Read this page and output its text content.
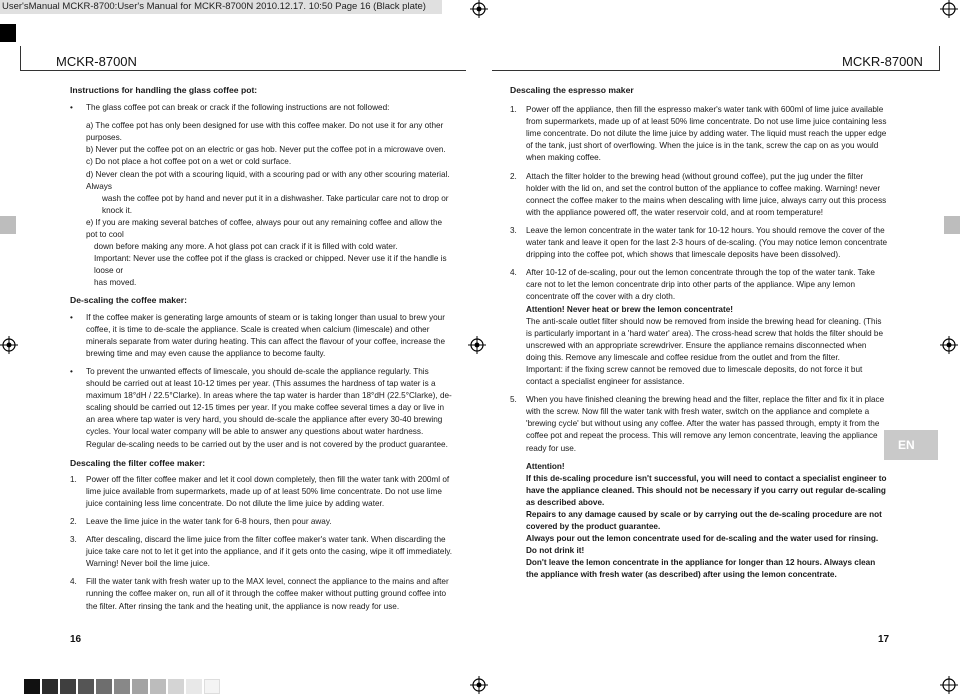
User'sManual MCKR-8700:User's Manual for MCKR-8700N 2010.12.17. 10:50 Page 16 (Black plate)
MCKR-8700N	MCKR-8700N

Instructions for handling the glass coffee pot:

• The glass coffee pot can break or crack if the following instructions are not followed:

a) The coffee pot has only been designed for use with this coffee maker. Do not use it for any other purposes.

b) Never put the coffee pot on an electric or gas hob. Never put the coffee pot in a microwave oven.

c) Do not place a hot coffee pot on a wet or cold surface.

d) Never clean the pot with a scouring liquid, with a scouring pad or with any other scouring material. Always

wash the coffee pot by hand and never put it in a dishwasher. Take particular care not to drop or knock it.

e) If you are making several batches of coffee, always pour out any remaining coffee and allow the pot to cool

down before making any more. A hot glass pot can crack if it is filled with cold water.

Important: Never use the coffee pot if the glass is cracked or chipped. Never use it if the handle is loose or

has moved.

De-scaling the coffee maker:

• If the coffee maker is generating large amounts of steam or is taking longer than usual to brew your coffee, it is time to de-scale the appliance. Scale is created when calcium (limescale) and other minerals separate from water during heating. This can affect the flavour of your coffee, increase the brewing time and may even cause the appliance to become faulty.

• To prevent the unwanted effects of limescale, you should de-scale the appliance regularly. This should be carried out at least 10-12 times per year. (This assumes the hardness of tap water is a maximum 18°dH / 22.5°Clarke). In areas where the tap water is harder than 18°dH (22.5°Clarke), de-scaling should be carried out 12-15 times per year. If you make coffee several times a day or live in an area where tap water is very hard, you should de-scale the appliance after every 30-40 brewing cycles. Your local water company will be able to answer any questions about water hardness. Regular de-scaling needs to be carried out by the user and is not covered by the product guarantee.

Descaling the filter coffee maker:

1. Power off the filter coffee maker and let it cool down completely, then fill the water tank with 200ml of lime juice available from supermarkets, made up of at least 50% lime concentrate. Do not use lime juice containing less lime concentrate. Do not dilute the lime juice by adding water.

2. Leave the lime juice in the water tank for 6-8 hours, then pour away.

3. After descaling, discard the lime juice from the filter coffee maker's water tank. When discarding the juice take care not to let it get into the appliance, and if it gets onto the casing, wipe it off immediately. Warning! Never boil the lime juice.

4. Fill the water tank with fresh water up to the MAX level, connect the appliance to the mains and after running the coffee maker on, run all of it through the coffee maker without putting ground coffee into the filter. After rinsing the tank and the heating unit, the appliance is now ready for use.

Descaling the espresso maker

1. Power off the appliance, then fill the espresso maker's water tank with 600ml of lime juice available from supermarkets, made up of at least 50% lime concentrate. Do not use lime juice containing less lime concentrate. Do not dilute the lime juice by adding water. The liquid must reach the upper edge of the tank, just short of overflowing. When the juice is in the tank, screw the cap on as you would when making coffee.

2. Attach the filter holder to the brewing head (without ground coffee), put the jug under the filter holder with the lid on, and set the control button of the appliance to coffee making. Warning! never connect the coffee maker to the mains when descaling with lime juice, always carry out this process with the appliance powered off, the water reservoir cold, and at room temperature!

3. Leave the lemon concentrate in the water tank for 10-12 hours. You should remove the cover of the water tank and leave it open for the last 2-3 hours of de-scaling. (You may notice lemon concentrate dripping into the coffee pot, which shows that limescale deposits have been dissolved).

4. After 10-12 of de-scaling, pour out the lemon concentrate through the top of the water tank. Take care not to let the lemon concentrate drip into other parts of the appliance. Wipe any lemon concentrate off the cover with a dry cloth.

Attention! Never heat or brew the lemon concentrate!

The anti-scale outlet filter should now be removed from inside the brewing head for cleaning. (This is particularly important in a 'hard water' area). The cross-head screw that holds the filter should be unscrewed with an appropriate screwdriver. Ensure the appliance remains disconnected when doing this. Remove any limescale and coffee residue from the outlet and from the filter.

Important: if the fixing screw cannot be removed due to limescale deposits, do not force it but contact a specialist engineer for assistance.

5. When you have finished cleaning the brewing head and the filter, replace the filter and fix it in place with the screw. Now fill the water tank with fresh water, switch on the appliance and complete a 'brewing cycle' but without using any coffee. After the water has passed through, empty it from the coffee pot and repeat the process. This will remove any lemon concentrate, leaving the appliance ready for use.

Attention!

If this de-scaling procedure isn't successful, you will need to contact a specialist engineer to have the appliance cleaned. This should not be necessary if you carry out regular de-scaling as described above.

Repairs to any damage caused by scale or by carrying out the de-scaling procedure are not covered by the product guarantee.

Always pour out the lemon concentrate used for de-scaling and the water used for rinsing. Do not drink it!

Don't leave the lemon concentrate in the appliance for longer than 12 hours. Always clean the appliance with fresh water (as described) after using the lemon concentrate.

EN
16	17
